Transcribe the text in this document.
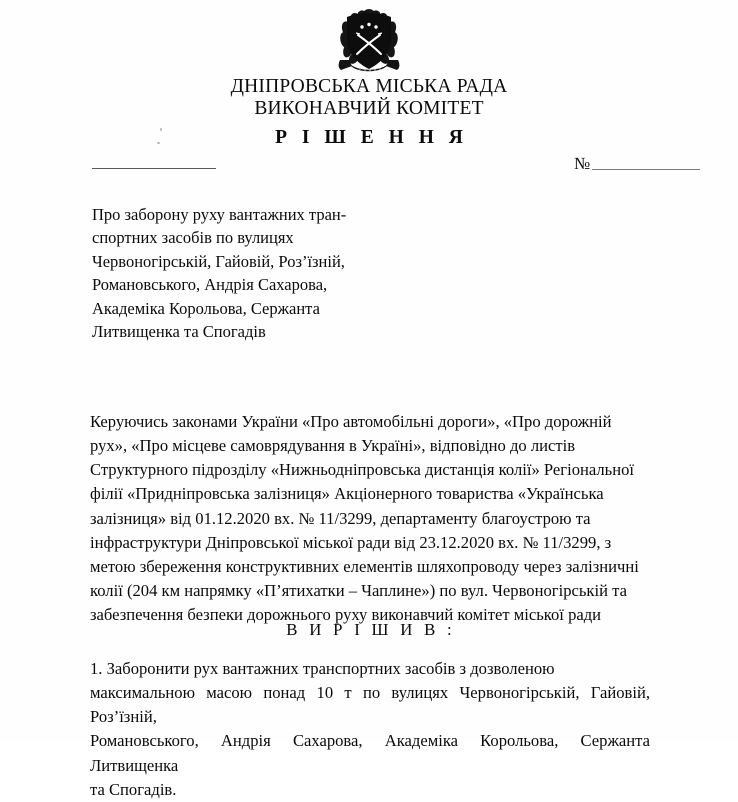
ДНІПРОВСЬКА МІСЬКА РАДА
ВИКОНАВЧИЙ КОМІТЕТ
Р І Ш Е Н Н Я
№
Про заборону руху вантажних тран-
спортних засобів по вулицях
Червоногірській, Гайовій, Роз’їзній,
Романовського, Андрія Сахарова,
Академіка Корольова, Сержанта
Литвищенка та Спогадів
Керуючись законами України «Про автомобільні дороги», «Про дорожній
рух», «Про місцеве самоврядування в Україні», відповідно до листів
Структурного підрозділу «Нижньодніпровська дистанція колії» Регіональної
філії «Придніпровська залізниця» Акціонерного товариства «Українська
залізниця» від 01.12.2020 вх. № 11/3299, департаменту благоустрою та
інфраструктури Дніпровської міської ради від 23.12.2020 вх. № 11/3299, з
метою збереження конструктивних елементів шляхопроводу через залізничні
колії (204 км напрямку «П’ятихатки – Чаплине») по вул. Червоногірській та
забезпечення безпеки дорожнього руху виконавчий комітет міської ради
В И Р І Ш И В :
1. Заборонити рух вантажних транспортних засобів з дозволеною
максимальною масою понад 10 т по вулицях Червоногірській, Гайовій, Роз’їзній,
Романовського, Андрія Сахарова, Академіка Корольова, Сержанта Литвищенка
та Спогадів.
